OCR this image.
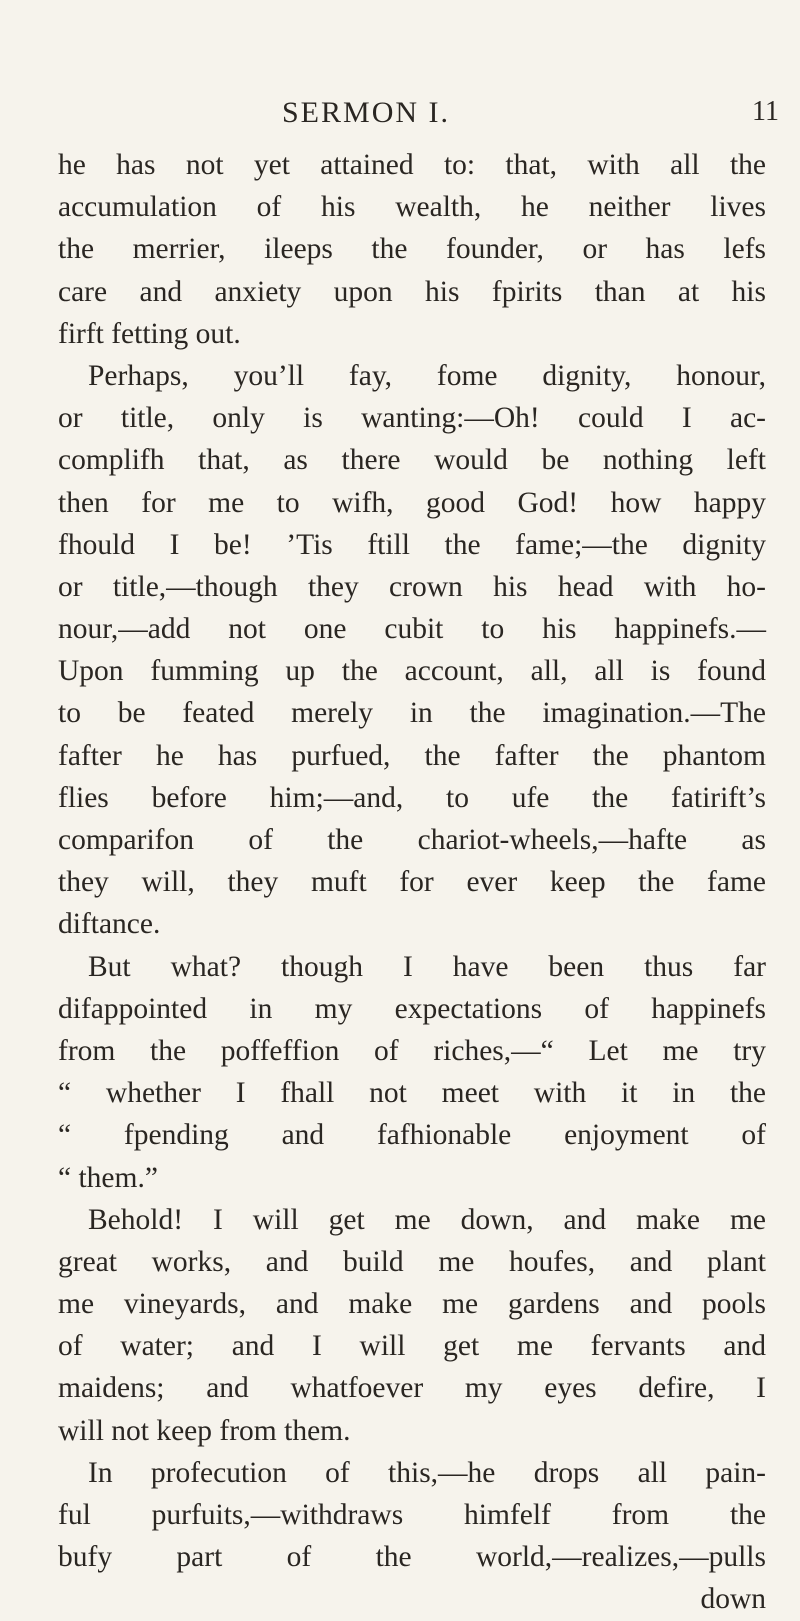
SERMON I.	11
he has not yet attained to: that, with all the
accumulation of his wealth, he neither lives
the merrier, ileeps the founder, or has lefs
care and anxiety upon his fpirits than at his
firft fetting out.
Perhaps, you’ll fay, fome dignity, honour,
or title, only is wanting:—Oh! could I ac-
complifh that, as there would be nothing left
then for me to wifh, good God! how happy
fhould I be! ’Tis ftill the fame;—the dignity
or title,—though they crown his head with ho-
nour,—add not one cubit to his happinefs.—
Upon fumming up the account, all, all is found
to be feated merely in the imagination.—The
fafter he has purfued, the fafter the phantom
flies before him;—and, to ufe the fatirift’s
comparifon of the chariot-wheels,—hafte as
they will, they muft for ever keep the fame
diftance.
But what? though I have been thus far
difappointed in my expectations of happinefs
from the poffeffion of riches,—“ Let me try
“ whether I fhall not meet with it in the
“ fpending and fafhionable enjoyment of
“ them.”
Behold! I will get me down, and make me
great works, and build me houfes, and plant
me vineyards, and make me gardens and pools
of water; and I will get me fervants and
maidens; and whatfoever my eyes defire, I
will not keep from them.
In profecution of this,—he drops all pain-
ful purfuits,—withdraws himfelf from the
bufy part of the world,—realizes,—pulls
down
